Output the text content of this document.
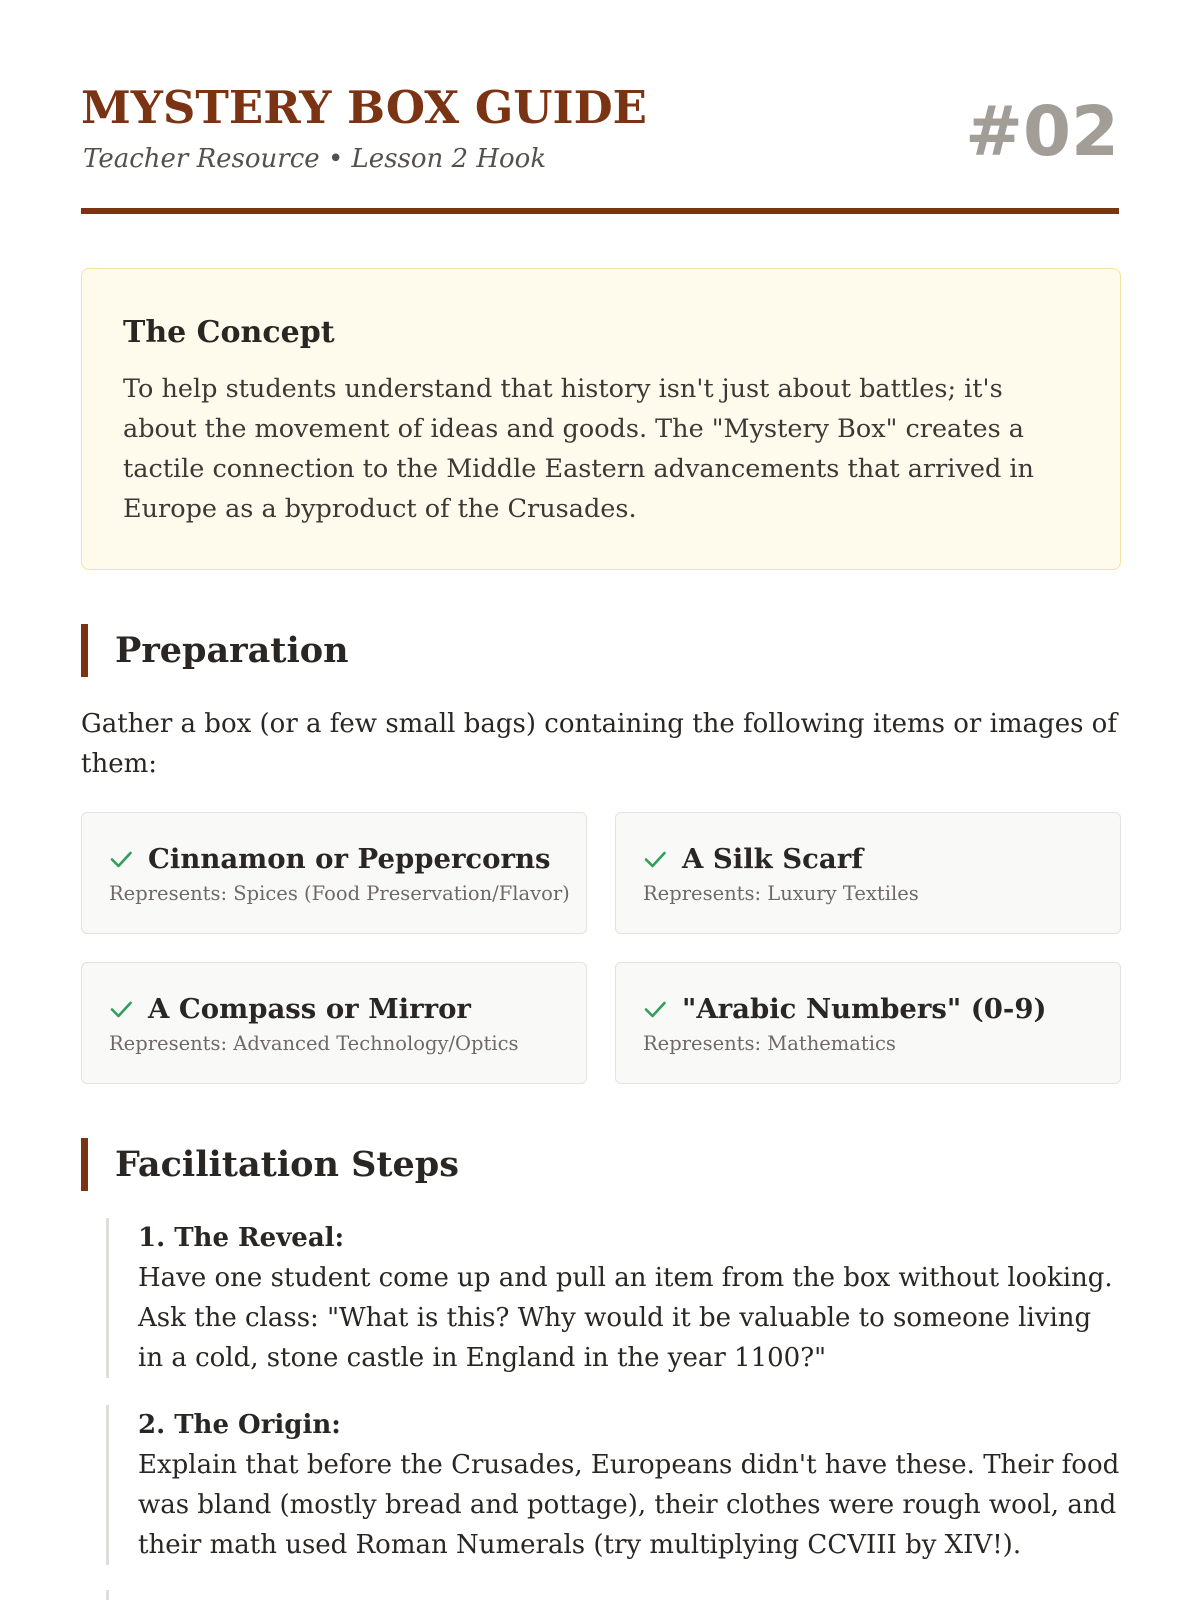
MYSTERY BOX GUIDE
Teacher Resource • Lesson 2 Hook	#02
The Concept

To help students understand that history isn't just about battles; it's about the movement of ideas and goods. The "Mystery Box" creates a tactile connection to the Middle Eastern advancements that arrived in Europe as a byproduct of the Crusades.

Preparation

Gather a box (or a few small bags) containing the following items or images of them:

Cinnamon or Peppercorns
Represents: Spices (Food Preservation/Flavor)
A Silk Scarf
Represents: Luxury Textiles
A Compass or Mirror
Represents: Advanced Technology/Optics
"Arabic Numbers" (0-9)
Represents: Mathematics
Facilitation Steps
1. The Reveal:

Have one student come up and pull an item from the box without looking. Ask the class: "What is this? Why would it be valuable to someone living in a cold, stone castle in England in the year 1100?"

2. The Origin:

Explain that before the Crusades, Europeans didn't have these. Their food was bland (mostly bread and pottage), their clothes were rough wool, and their math used Roman Numerals (try multiplying CCVIII by XIV!).
